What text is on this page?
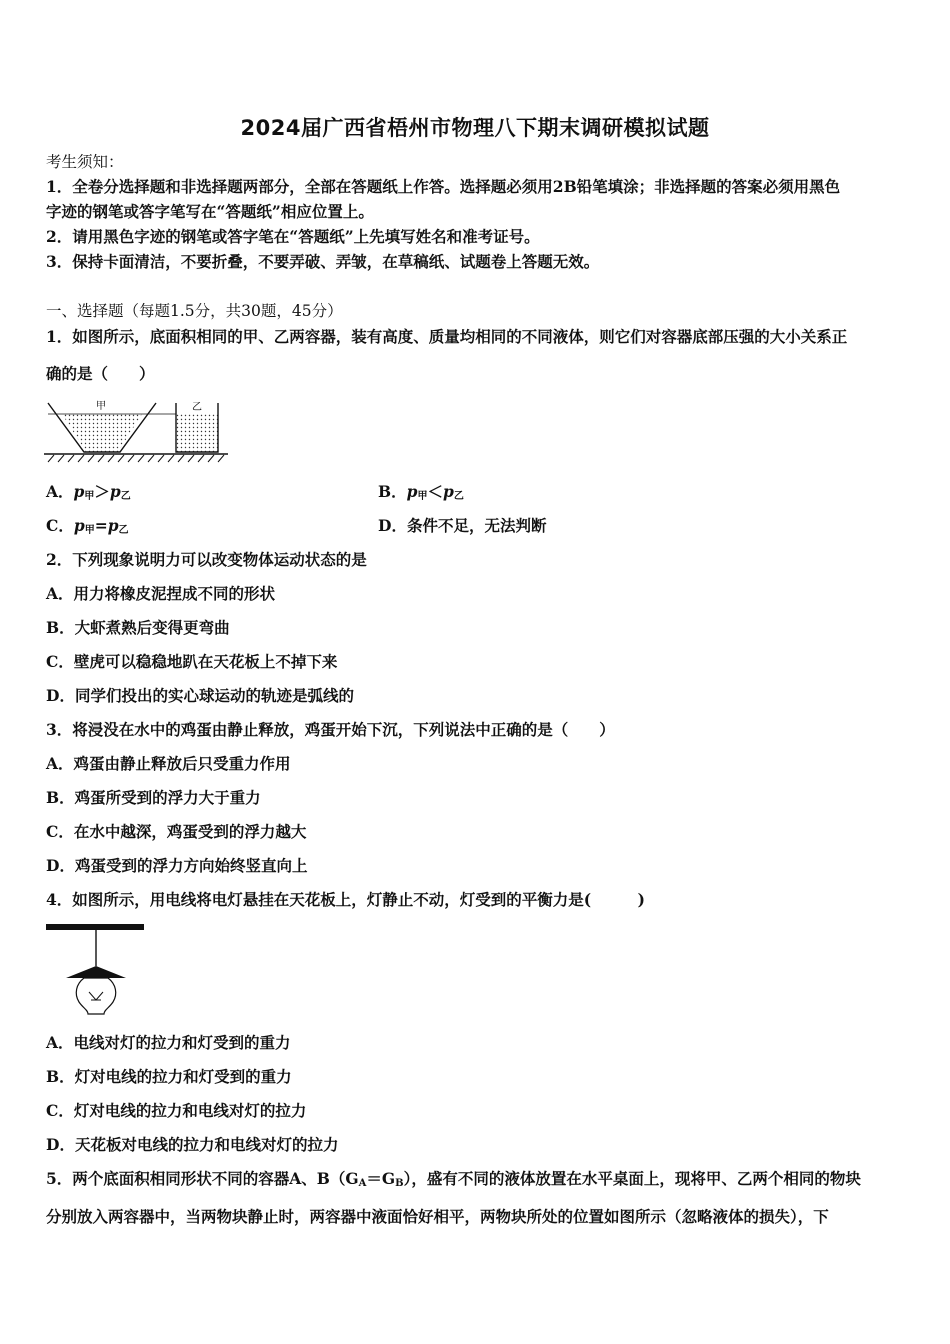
2024届广西省梧州市物理八下期末调研模拟试题
考生须知：
1．全卷分选择题和非选择题两部分，全部在答题纸上作答。选择题必须用2B铅笔填涂；非选择题的答案必须用黑色
字迹的钢笔或答字笔写在“答题纸”相应位置上。
2．请用黑色字迹的钢笔或答字笔在“答题纸”上先填写姓名和准考证号。
3．保持卡面清洁，不要折叠，不要弄破、弄皱，在草稿纸、试题卷上答题无效。
一、选择题（每题1.5分，共30题，45分）
1．如图所示，底面积相同的甲、乙两容器，装有高度、质量均相同的不同液体，则它们对容器底部压强的大小关系正
确的是（　　）
甲	乙
A．$p_甲>p_乙$	B．$p_甲<p_乙$
C．$p_甲=p_乙$	D．条件不足，无法判断
2．下列现象说明力可以改变物体运动状态的是
A．用力将橡皮泥捏成不同的形状
B．大虾煮熟后变得更弯曲
C．壁虎可以稳稳地趴在天花板上不掉下来
D．同学们投出的实心球运动的轨迹是弧线的
3．将浸没在水中的鸡蛋由静止释放，鸡蛋开始下沉，下列说法中正确的是（　　）
A．鸡蛋由静止释放后只受重力作用
B．鸡蛋所受到的浮力大于重力
C．在水中越深，鸡蛋受到的浮力越大
D．鸡蛋受到的浮力方向始终竖直向上
4．如图所示，用电线将电灯悬挂在天花板上，灯静止不动，灯受到的平衡力是(　　　)
A．电线对灯的拉力和灯受到的重力
B．灯对电线的拉力和灯受到的重力
C．灯对电线的拉力和电线对灯的拉力
D．天花板对电线的拉力和电线对灯的拉力
5．两个底面积相同形状不同的容器A、$B(G_A=G_B)$，盛有不同的液体放置在水平桌面上，现将甲、乙两个相同的物块
分别放入两容器中，当两物块静止时，两容器中液面恰好相平，两物块所处的位置如图所示（忽略液体的损失），下
